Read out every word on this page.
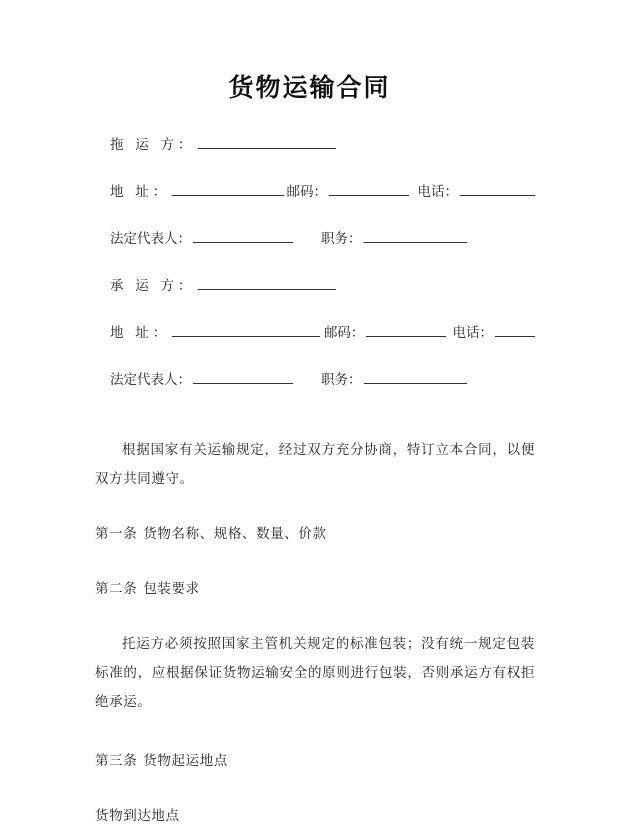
货物运输合同
拖 运 方：
地 址：	邮码：	电话：
法定代表人：	职务：
承 运 方：
地 址：	邮码：	电话：
法定代表人：	职务：

根据国家有关运输规定，经过双方充分协商，特订立本合同，以便双方共同遵守。

第一条 货物名称、规格、数量、价款

第二条 包装要求

托运方必须按照国家主管机关规定的标准包装；没有统一规定包装标准的，应根据保证货物运输安全的原则进行包装，否则承运方有权拒绝承运。

第三条 货物起运地点

货物到达地点
